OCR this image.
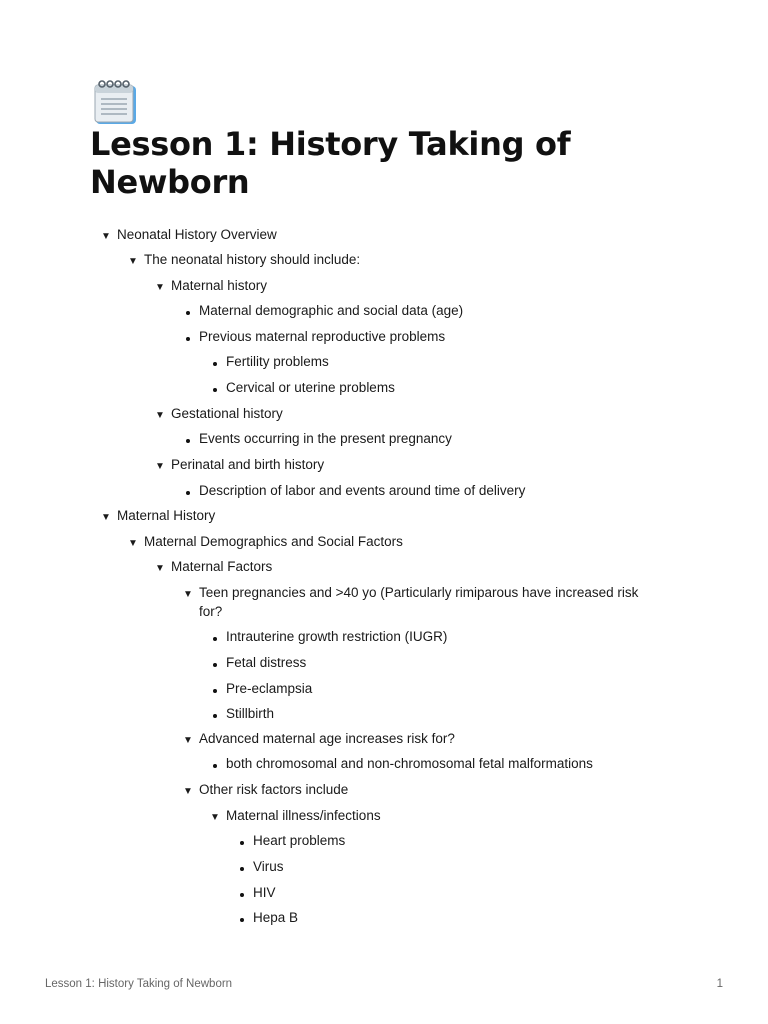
Lesson 1: History Taking of Newborn
▼ Neonatal History Overview
▼ The neonatal history should include:
▼ Maternal history
Maternal demographic and social data (age)
Previous maternal reproductive problems
Fertility problems
Cervical or uterine problems
▼ Gestational history
Events occurring in the present pregnancy
▼ Perinatal and birth history
Description of labor and events around time of delivery
▼ Maternal History
▼ Maternal Demographics and Social Factors
▼ Maternal Factors
▼ Teen pregnancies and >40 yo (Particularly rimiparous have increased risk for?
Intrauterine growth restriction (IUGR)
Fetal distress
Pre-eclampsia
Stillbirth
▼ Advanced maternal age increases risk for?
both chromosomal and non-chromosomal fetal malformations
▼ Other risk factors include
▼ Maternal illness/infections
Heart problems
Virus
HIV
Hepa B
Lesson 1: History Taking of Newborn	1
